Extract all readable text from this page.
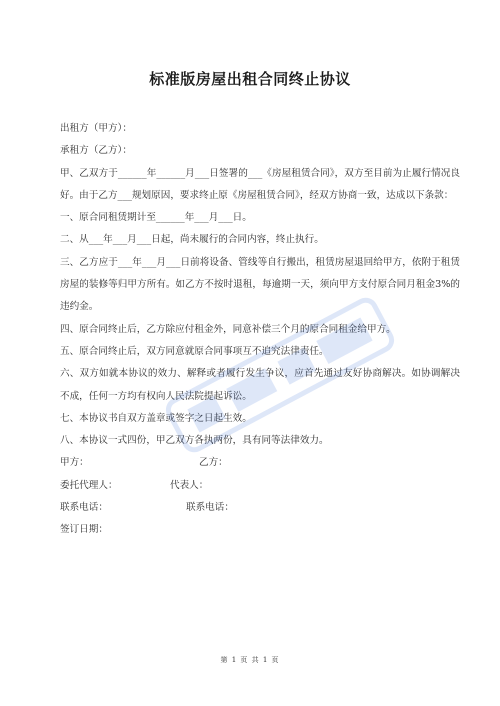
标准版房屋出租合同终止协议
出租方（甲方）：
承租方（乙方）：
甲、乙双方于______年______月___日签署的___《房屋租赁合同》，双方至目前为止履行情况良好。由于乙方___规划原因，要求终止原《房屋租赁合同》，经双方协商一致，达成以下条款：
一、原合同租赁期计至______年___月___日。
二、从___年___月___日起，尚未履行的合同内容，终止执行。
三、乙方应于___年___月___日前将设备、管线等自行搬出，租赁房屋退回给甲方，依附于租赁房屋的装修等归甲方所有。如乙方不按时退租，每逾期一天，须向甲方支付原合同月租金3%的违约金。
四、原合同终止后，乙方除应付租金外，同意补偿三个月的原合同租金给甲方。
五、原合同终止后，双方同意就原合同事项互不追究法律责任。
六、双方如就本协议的效力、解释或者履行发生争议，应首先通过友好协商解决。如协调解决不成，任何一方均有权向人民法院提起诉讼。
七、本协议书自双方盖章或签字之日起生效。
八、本协议一式四份，甲乙双方各执两份，具有同等法律效力。
甲方：	乙方：
委托代理人：	代表人：
联系电话：	联系电话：
签订日期：
第 1 页 共 1 页
